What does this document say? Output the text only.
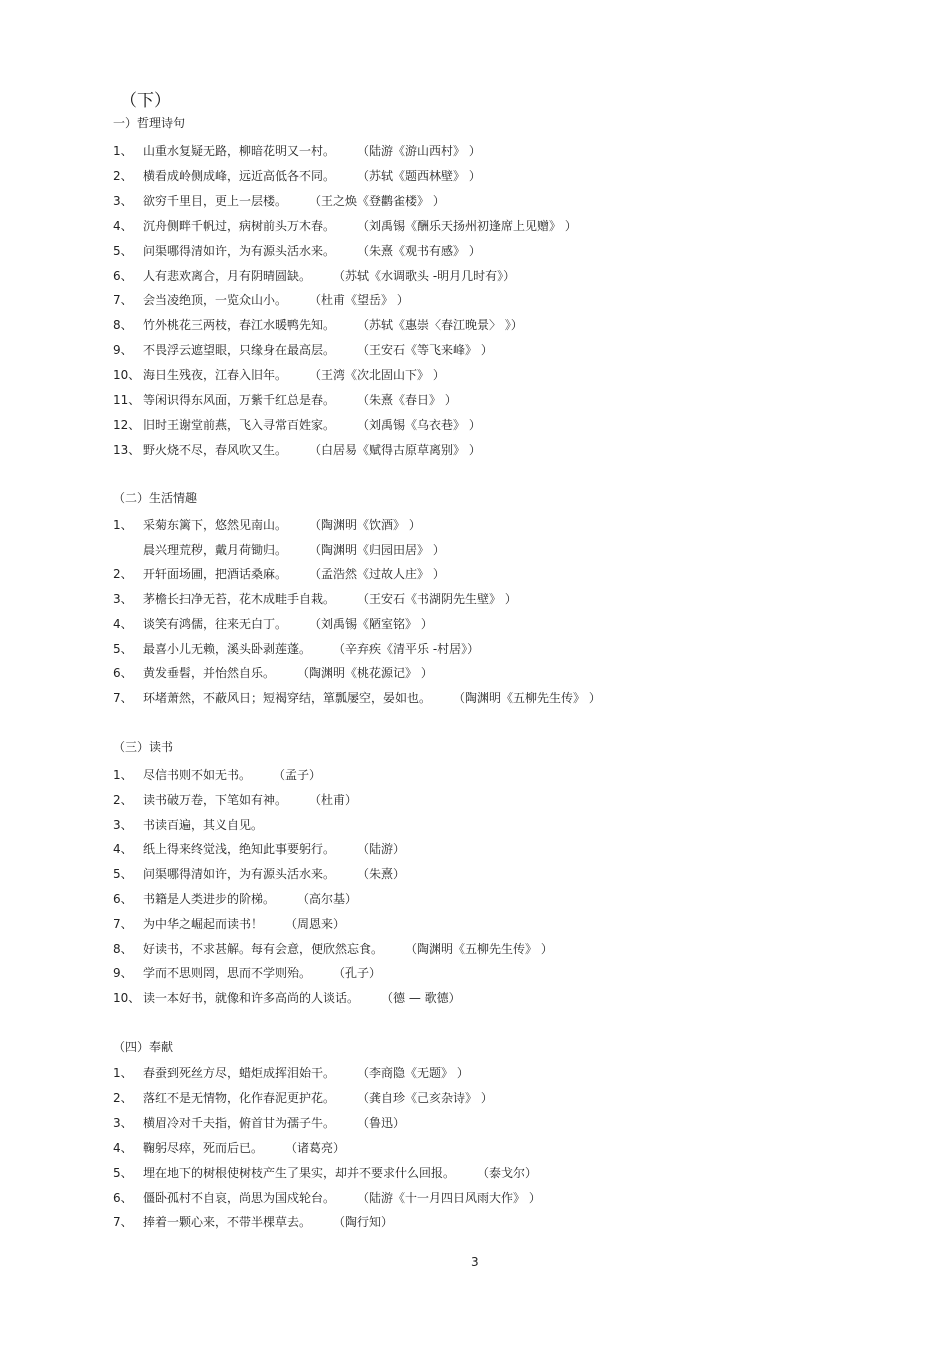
（下）
一）哲理诗句
1、 山重水复疑无路，柳暗花明又一村。 （陆游《游山西村》 ）
2、 横看成岭侧成峰，远近高低各不同。 （苏轼《题西林壁》 ）
3、 欲穷千里目，更上一层楼。 （王之焕《登鹳雀楼》 ）
4、 沉舟侧畔千帆过，病树前头万木春。 （刘禹锡《酬乐天扬州初逢席上见赠》 ）
5、 问渠哪得清如许，为有源头活水来。 （朱熹《观书有感》 ）
6、 人有悲欢离合，月有阴晴圆缺。 （苏轼《水调歌头 -明月几时有》）
7、 会当凌绝顶，一览众山小。 （杜甫《望岳》 ）
8、 竹外桃花三两枝，春江水暖鸭先知。 （苏轼《惠崇〈春江晚景〉 》）
9、 不畏浮云遮望眼，只缘身在最高层。 （王安石《等飞来峰》 ）
10、 海日生残夜，江春入旧年。 （王湾《次北固山下》 ）
11、 等闲识得东风面，万紫千红总是春。 （朱熹《春日》 ）
12、 旧时王谢堂前燕，飞入寻常百姓家。 （刘禹锡《乌衣巷》 ）
13、 野火烧不尽，春风吹又生。 （白居易《赋得古原草离别》 ）
（二）生活情趣
1、 采菊东篱下，悠然见南山。 （陶渊明《饮酒》 ）
晨兴理荒秽，戴月荷锄归。 （陶渊明《归园田居》 ）
2、 开轩面场圃，把酒话桑麻。 （孟浩然《过故人庄》 ）
3、 茅檐长扫净无苔，花木成畦手自栽。 （王安石《书湖阴先生壁》 ）
4、 谈笑有鸿儒，往来无白丁。 （刘禹锡《陋室铭》 ）
5、 最喜小儿无赖，溪头卧剥莲蓬。 （辛弃疾《清平乐 -村居》）
6、 黄发垂髫，并怡然自乐。 （陶渊明《桃花源记》 ）
7、 环堵萧然，不蔽风日；短褐穿结，箪瓢屡空，晏如也。 （陶渊明《五柳先生传》 ）
（三）读书
1、 尽信书则不如无书。 （孟子）
2、 读书破万卷，下笔如有神。 （杜甫）
3、 书读百遍，其义自见。
4、 纸上得来终觉浅，绝知此事要躬行。 （陆游）
5、 问渠哪得清如许，为有源头活水来。 （朱熹）
6、 书籍是人类进步的阶梯。 （高尔基）
7、 为中华之崛起而读书！ （周恩来）
8、 好读书，不求甚解。每有会意，便欣然忘食。 （陶渊明《五柳先生传》 ）
9、 学而不思则罔，思而不学则殆。 （孔子）
10、 读一本好书，就像和许多高尚的人谈话。 （德 — 歌德）
（四）奉献
1、 春蚕到死丝方尽，蜡炬成挥泪始干。 （李商隐《无题》 ）
2、 落红不是无情物，化作春泥更护花。 （龚自珍《己亥杂诗》 ）
3、 横眉冷对千夫指，俯首甘为孺子牛。 （鲁迅）
4、 鞠躬尽瘁，死而后已。 （诸葛亮）
5、 埋在地下的树根使树枝产生了果实，却并不要求什么回报。 （泰戈尔）
6、 僵卧孤村不自哀，尚思为国戍轮台。 （陆游《十一月四日风雨大作》 ）
7、 捧着一颗心来，不带半棵草去。 （陶行知）
3
